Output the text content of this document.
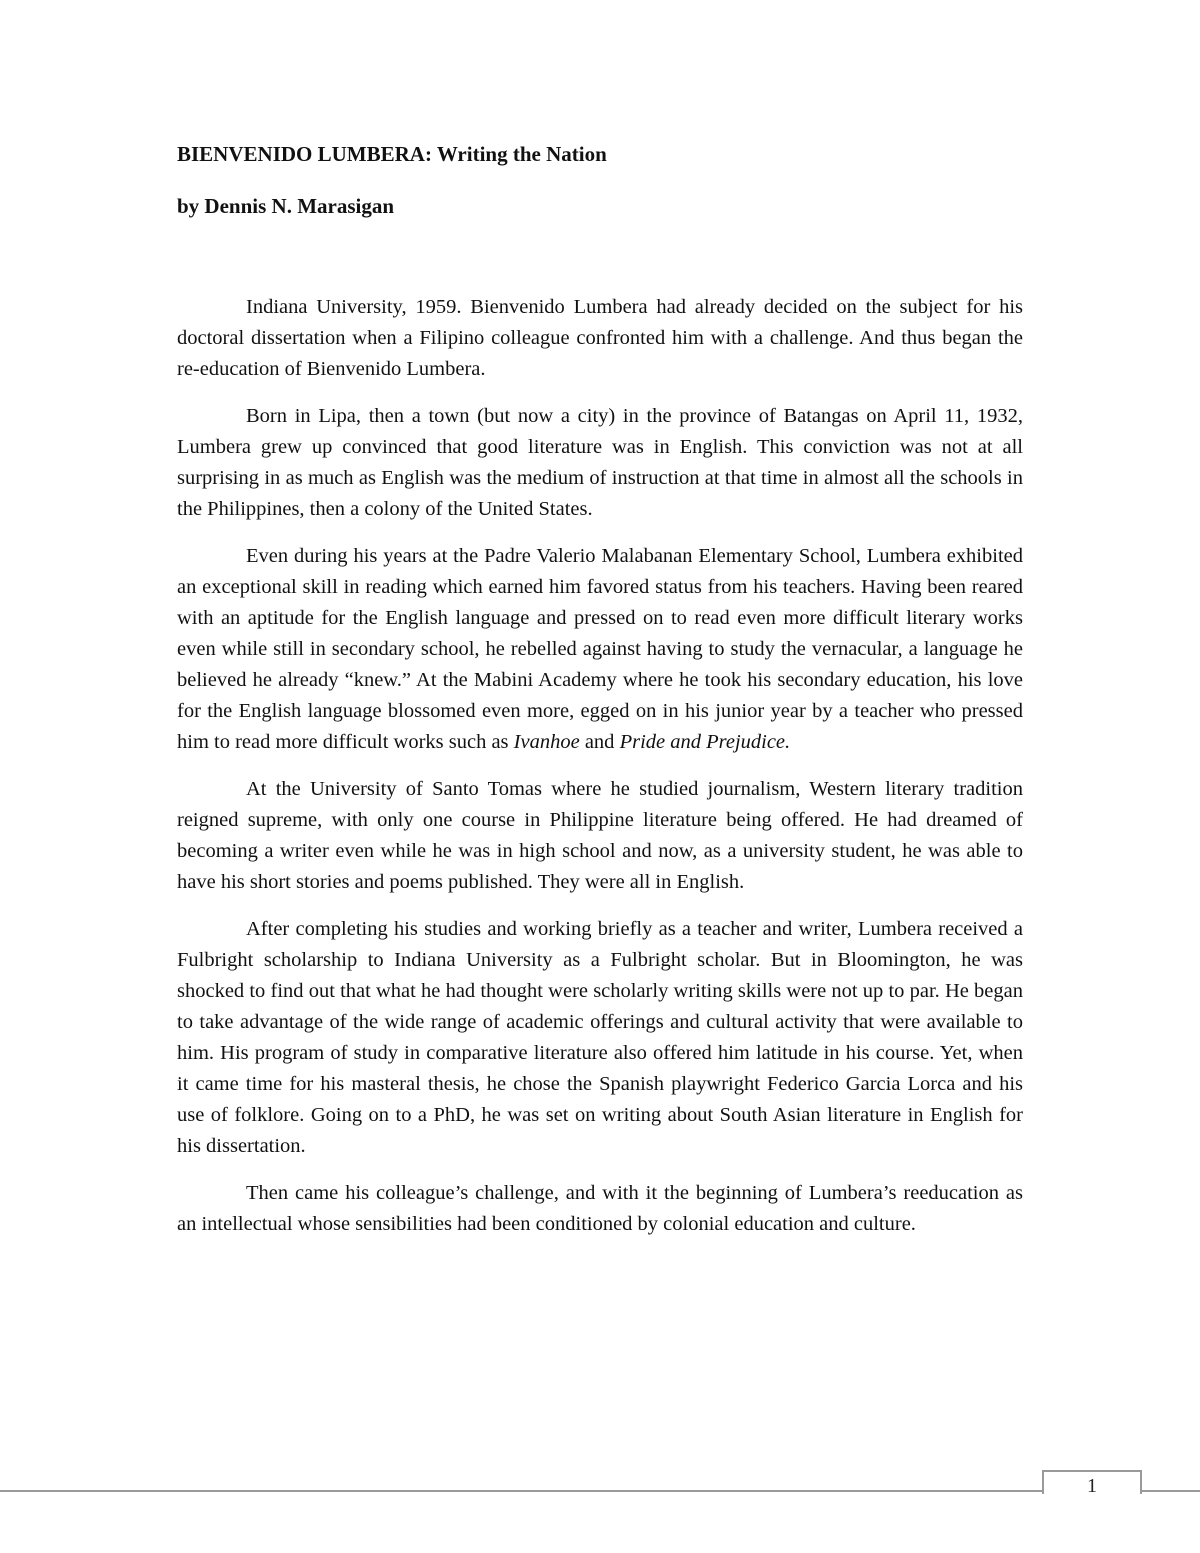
BIENVENIDO LUMBERA: Writing the Nation
by Dennis N. Marasigan

Indiana University, 1959. Bienvenido Lumbera had already decided on the subject for his doctoral dissertation when a Filipino colleague confronted him with a challenge. And thus began the re-education of Bienvenido Lumbera.

Born in Lipa, then a town (but now a city) in the province of Batangas on April 11, 1932, Lumbera grew up convinced that good literature was in English. This conviction was not at all surprising in as much as English was the medium of instruction at that time in almost all the schools in the Philippines, then a colony of the United States.

Even during his years at the Padre Valerio Malabanan Elementary School, Lumbera exhibited an exceptional skill in reading which earned him favored status from his teachers. Having been reared with an aptitude for the English language and pressed on to read even more difficult literary works even while still in secondary school, he rebelled against having to study the vernacular, a language he believed he already “knew.” At the Mabini Academy where he took his secondary education, his love for the English language blossomed even more, egged on in his junior year by a teacher who pressed him to read more difficult works such as Ivanhoe and Pride and Prejudice.

At the University of Santo Tomas where he studied journalism, Western literary tradition reigned supreme, with only one course in Philippine literature being offered. He had dreamed of becoming a writer even while he was in high school and now, as a university student, he was able to have his short stories and poems published. They were all in English.

After completing his studies and working briefly as a teacher and writer, Lumbera received a Fulbright scholarship to Indiana University as a Fulbright scholar. But in Bloomington, he was shocked to find out that what he had thought were scholarly writing skills were not up to par. He began to take advantage of the wide range of academic offerings and cultural activity that were available to him. His program of study in comparative literature also offered him latitude in his course. Yet, when it came time for his masteral thesis, he chose the Spanish playwright Federico Garcia Lorca and his use of folklore. Going on to a PhD, he was set on writing about South Asian literature in English for his dissertation.

Then came his colleague’s challenge, and with it the beginning of Lumbera’s reeducation as an intellectual whose sensibilities had been conditioned by colonial education and culture.

1
